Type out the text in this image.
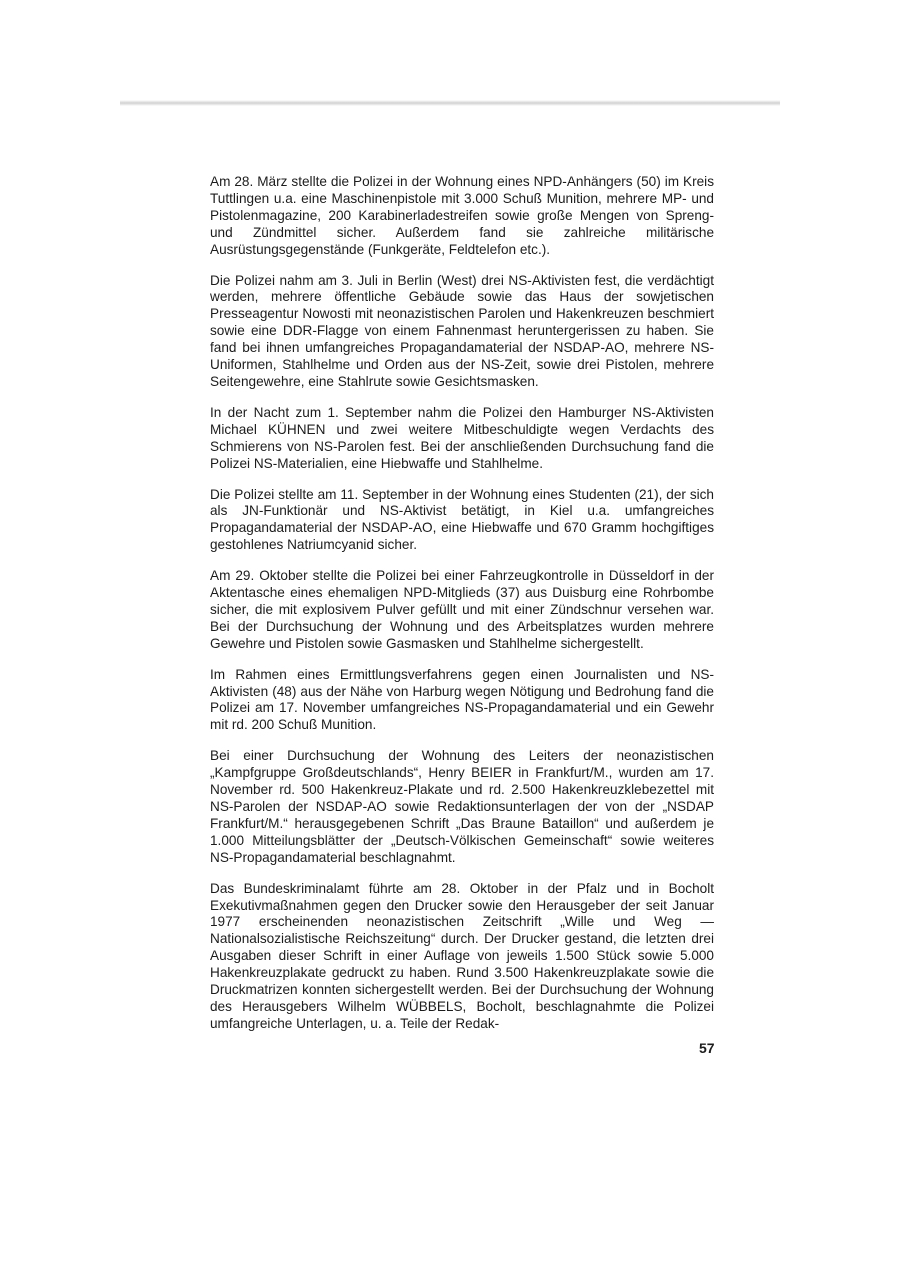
Am 28. März stellte die Polizei in der Wohnung eines NPD-Anhängers (50) im Kreis Tuttlingen u.a. eine Maschinenpistole mit 3.000 Schuß Munition, mehrere MP- und Pistolenmagazine, 200 Karabinerladestreifen sowie große Mengen von Spreng- und Zündmittel sicher. Außerdem fand sie zahlreiche militärische Ausrüstungsgegenstände (Funkgeräte, Feldtelefon etc.).

Die Polizei nahm am 3. Juli in Berlin (West) drei NS-Aktivisten fest, die verdächtigt werden, mehrere öffentliche Gebäude sowie das Haus der sowjetischen Presseagentur Nowosti mit neonazistischen Parolen und Hakenkreuzen beschmiert sowie eine DDR-Flagge von einem Fahnenmast heruntergerissen zu haben. Sie fand bei ihnen umfangreiches Propagandamaterial der NSDAP-AO, mehrere NS-Uniformen, Stahlhelme und Orden aus der NS-Zeit, sowie drei Pistolen, mehrere Seitengewehre, eine Stahlrute sowie Gesichtsmasken.

In der Nacht zum 1. September nahm die Polizei den Hamburger NS-Aktivisten Michael KÜHNEN und zwei weitere Mitbeschuldigte wegen Verdachts des Schmierens von NS-Parolen fest. Bei der anschließenden Durchsuchung fand die Polizei NS-Materialien, eine Hiebwaffe und Stahlhelme.

Die Polizei stellte am 11. September in der Wohnung eines Studenten (21), der sich als JN-Funktionär und NS-Aktivist betätigt, in Kiel u.a. umfangreiches Propagandamaterial der NSDAP-AO, eine Hiebwaffe und 670 Gramm hochgiftiges gestohlenes Natriumcyanid sicher.

Am 29. Oktober stellte die Polizei bei einer Fahrzeugkontrolle in Düsseldorf in der Aktentasche eines ehemaligen NPD-Mitglieds (37) aus Duisburg eine Rohrbombe sicher, die mit explosivem Pulver gefüllt und mit einer Zündschnur versehen war. Bei der Durchsuchung der Wohnung und des Arbeitsplatzes wurden mehrere Gewehre und Pistolen sowie Gasmasken und Stahlhelme sichergestellt.

Im Rahmen eines Ermittlungsverfahrens gegen einen Journalisten und NS-Aktivisten (48) aus der Nähe von Harburg wegen Nötigung und Bedrohung fand die Polizei am 17. November umfangreiches NS-Propagandamaterial und ein Gewehr mit rd. 200 Schuß Munition.

Bei einer Durchsuchung der Wohnung des Leiters der neonazistischen „Kampfgruppe Großdeutschlands“, Henry BEIER in Frankfurt/M., wurden am 17. November rd. 500 Hakenkreuz-Plakate und rd. 2.500 Hakenkreuzklebezettel mit NS-Parolen der NSDAP-AO sowie Redaktionsunterlagen der von der „NSDAP Frankfurt/M.“ herausgegebenen Schrift „Das Braune Bataillon“ und außerdem je 1.000 Mitteilungsblätter der „Deutsch-Völkischen Gemeinschaft“ sowie weiteres NS-Propagandamaterial beschlagnahmt.

Das Bundeskriminalamt führte am 28. Oktober in der Pfalz und in Bocholt Exekutivmaßnahmen gegen den Drucker sowie den Herausgeber der seit Januar 1977 erscheinenden neonazistischen Zeitschrift „Wille und Weg — Nationalsozialistische Reichszeitung“ durch. Der Drucker gestand, die letzten drei Ausgaben dieser Schrift in einer Auflage von jeweils 1.500 Stück sowie 5.000 Hakenkreuzplakate gedruckt zu haben. Rund 3.500 Hakenkreuzplakate sowie die Druckmatrizen konnten sichergestellt werden. Bei der Durchsuchung der Wohnung des Herausgebers Wilhelm WÜBBELS, Bocholt, beschlagnahmte die Polizei umfangreiche Unterlagen, u. a. Teile der Redak-

57
